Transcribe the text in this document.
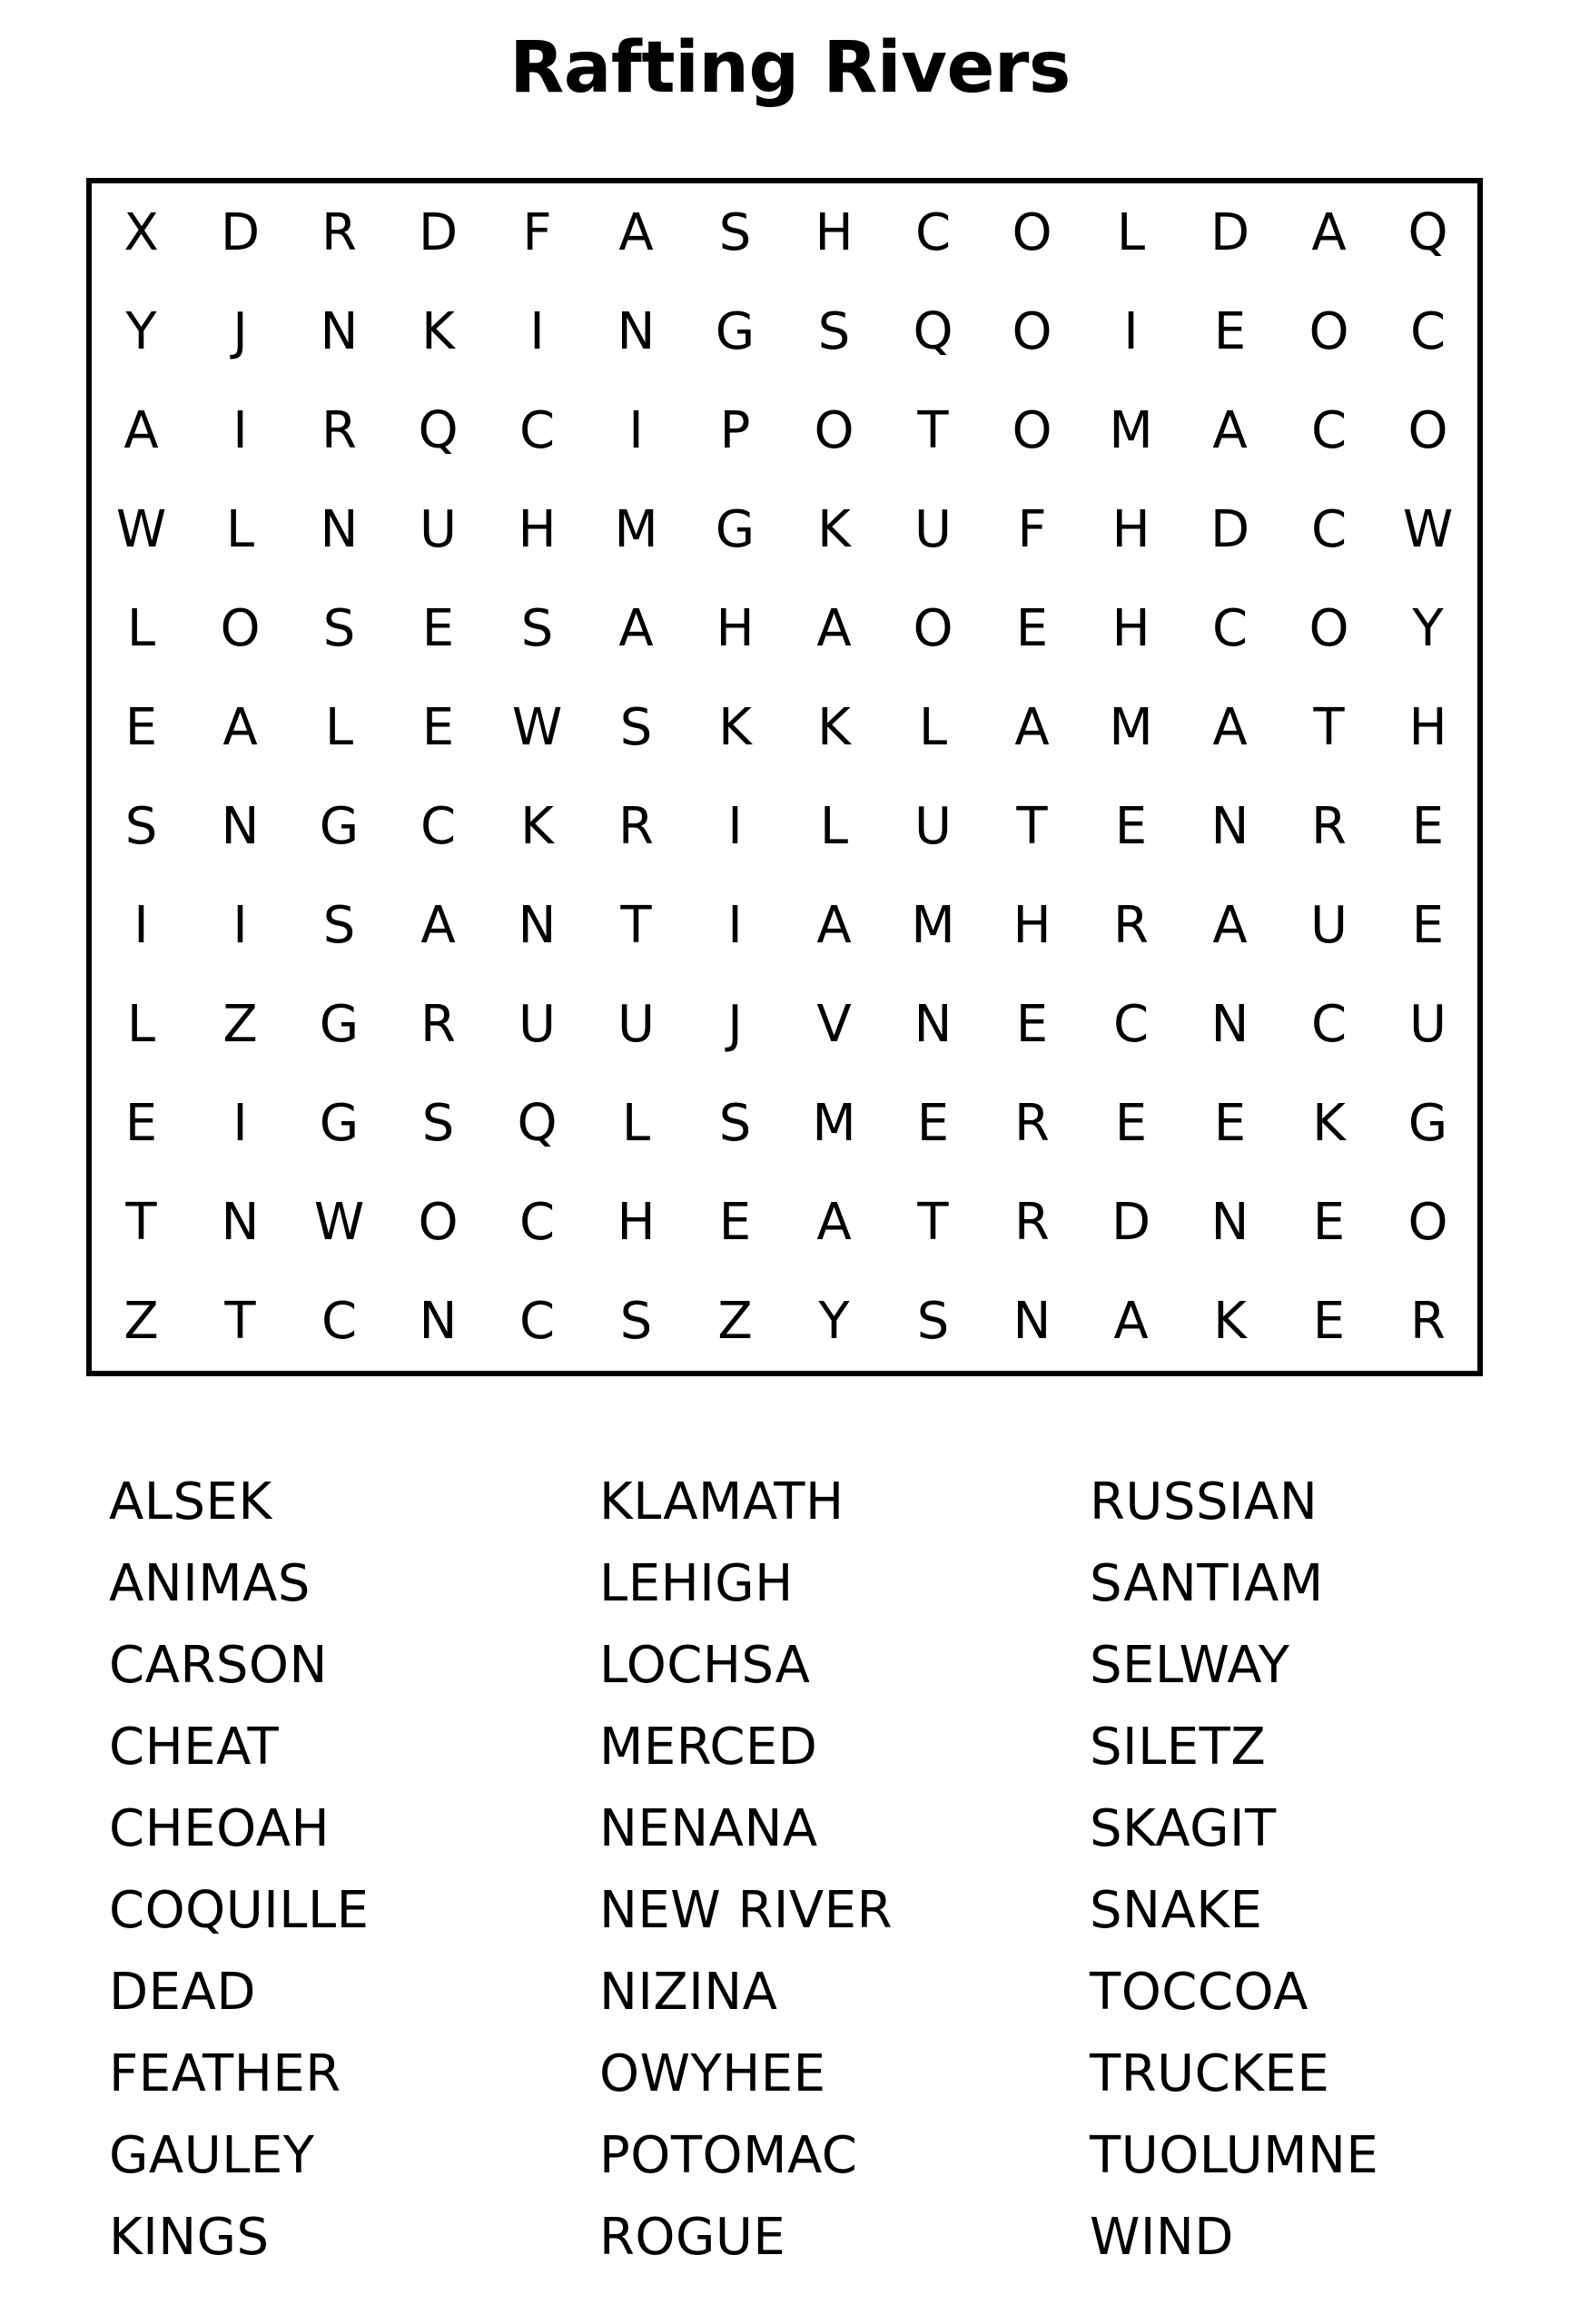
Rafting Rivers
X D R D F A S H C O L D A Q
Y J N K I N G S Q O I E O C
A I R Q C I P O T O M A C O
W L N U H M G K U F H D C W
L O S E S A H A O E H C O Y
E A L E W S K K L A M A T H
S N G C K R I L U T E N R E
I I S A N T I A M H R A U E
L Z G R U U J V N E C N C U
E I G S Q L S M E R E E K G
T N W O C H E A T R D N E O
Z T C N C S Z Y S N A K E R
ALSEK
ANIMAS
CARSON
CHEAT
CHEOAH
COQUILLE
DEAD
FEATHER
GAULEY
KINGS
KLAMATH
LEHIGH
LOCHSA
MERCED
NENANA
NEW RIVER
NIZINA
OWYHEE
POTOMAC
ROGUE
RUSSIAN
SANTIAM
SELWAY
SILETZ
SKAGIT
SNAKE
TOCCOA
TRUCKEE
TUOLUMNE
WIND
